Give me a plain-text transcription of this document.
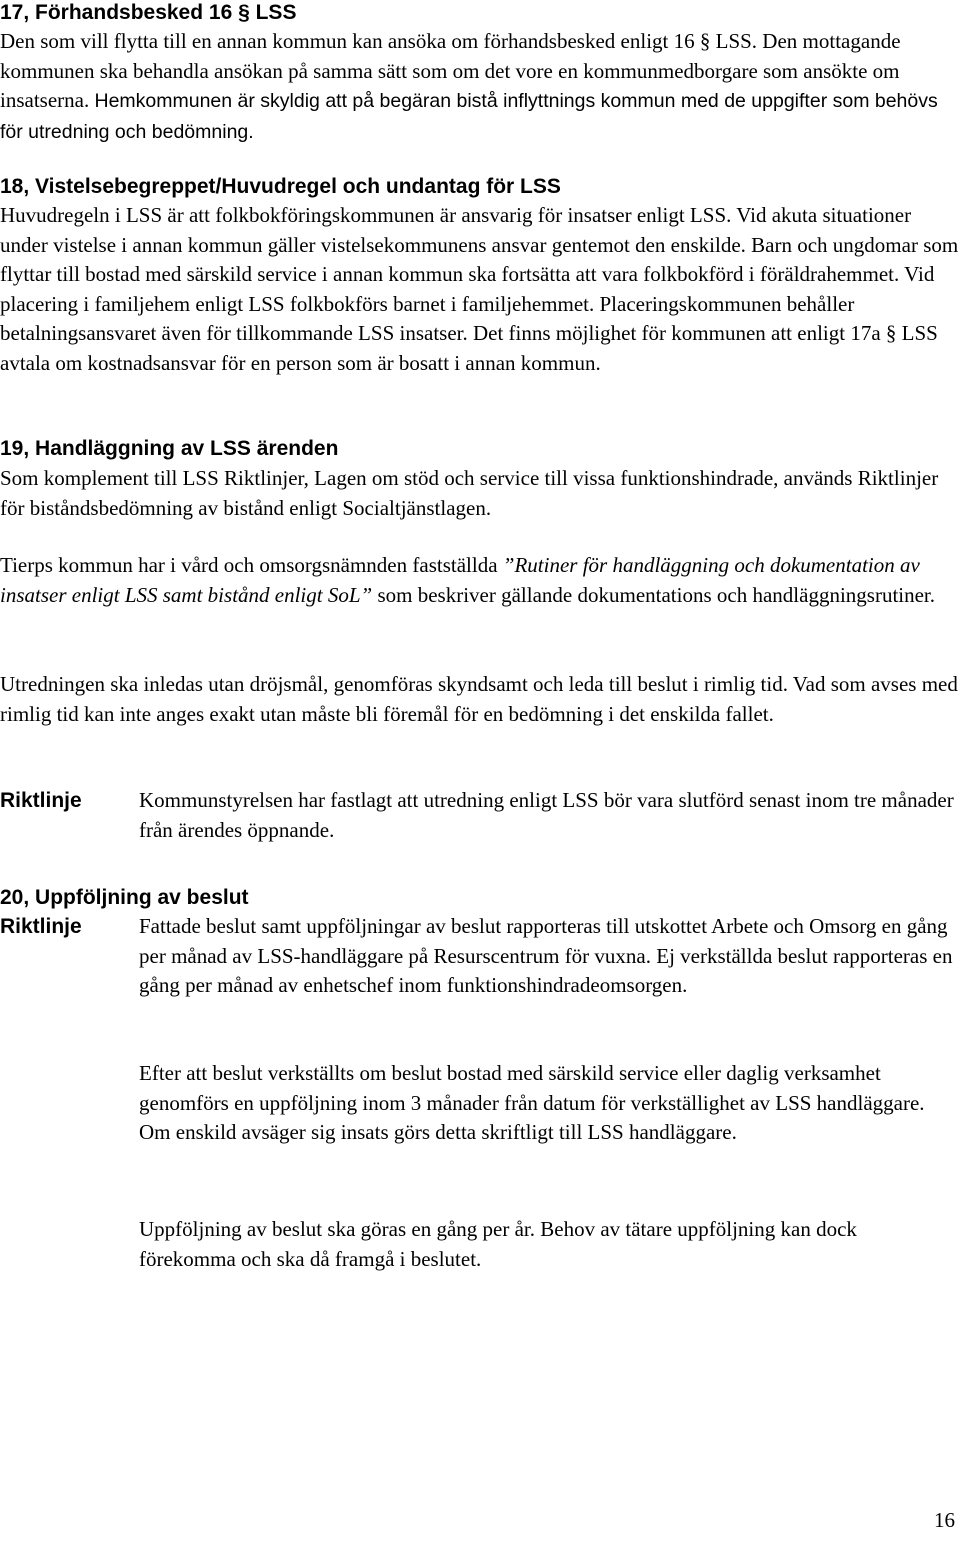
17, Förhandsbesked 16 § LSS

Den som vill flytta till en annan kommun kan ansöka om förhandsbesked enligt 16 § LSS. Den mottagande kommunen ska behandla ansökan på samma sätt som om det vore en kommunmedborgare som ansökte om insatserna. Hemkommunen är skyldig att på begäran bistå inflyttnings kommun med de uppgifter som behövs för utredning och bedömning.

18, Vistelsebegreppet/Huvudregel och undantag för LSS

Huvudregeln i LSS är att folkbokföringskommunen är ansvarig för insatser enligt LSS. Vid akuta situationer under vistelse i annan kommun gäller vistelsekommunens ansvar gentemot den enskilde. Barn och ungdomar som flyttar till bostad med särskild service i annan kommun ska fortsätta att vara folkbokförd i föräldrahemmet. Vid placering i familjehem enligt LSS folkbokförs barnet i familjehemmet. Placeringskommunen behåller betalningsansvaret även för tillkommande LSS insatser. Det finns möjlighet för kommunen att enligt 17a § LSS avtala om kostnadsansvar för en person som är bosatt i annan kommun.

19, Handläggning av LSS ärenden

Som komplement till LSS Riktlinjer, Lagen om stöd och service till vissa funktionshindrade, används Riktlinjer för biståndsbedömning av bistånd enligt Socialtjänstlagen.

Tierps kommun har i vård och omsorgsnämnden fastställda ”Rutiner för handläggning och dokumentation av insatser enligt LSS samt bistånd enligt SoL” som beskriver gällande dokumentations och handläggningsrutiner.

Utredningen ska inledas utan dröjsmål, genomföras skyndsamt och leda till beslut i rimlig tid. Vad som avses med rimlig tid kan inte anges exakt utan måste bli föremål för en bedömning i det enskilda fallet.

Riktlinje	Kommunstyrelsen har fastlagt att utredning enligt LSS bör vara slutförd senast inom tre månader från ärendes öppnande.

20, Uppföljning av beslut
Riktlinje	Fattade beslut samt uppföljningar av beslut rapporteras till utskottet Arbete och Omsorg en gång per månad av LSS-handläggare på Resurscentrum för vuxna. Ej verkställda beslut rapporteras en gång per månad av enhetschef inom funktionshindradeomsorgen.

Efter att beslut verkställts om beslut bostad med särskild service eller daglig verksamhet genomförs en uppföljning inom 3 månader från datum för verkställighet av LSS handläggare. Om enskild avsäger sig insats görs detta skriftligt till LSS handläggare.

Uppföljning av beslut ska göras en gång per år. Behov av tätare uppföljning kan dock förekomma och ska då framgå i beslutet.

16
